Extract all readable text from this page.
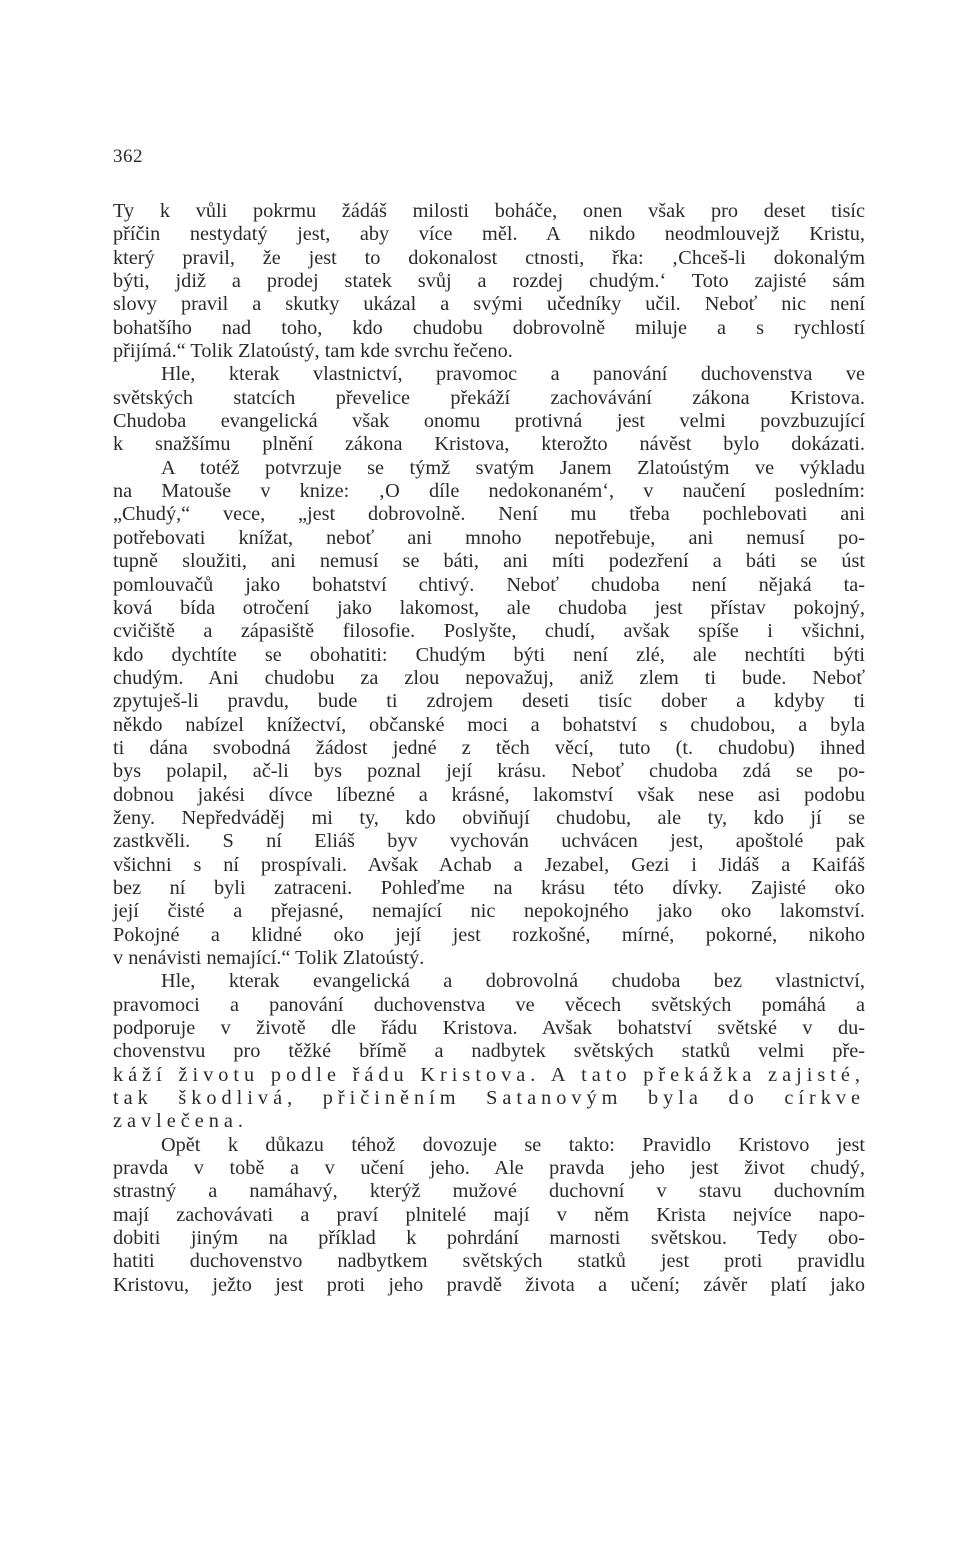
362
Ty k vůli pokrmu žádáš milosti boháče, onen však pro deset tisíc
příčin nestydatý jest, aby více měl. A nikdo neodmlouvejž Kristu,
který pravil, že jest to dokonalost ctnosti, řka: ‚Chceš-li dokonalým
býti, jdiž a prodej statek svůj a rozdej chudým.‘ Toto zajisté sám
slovy pravil a skutky ukázal a svými učedníky učil. Neboť nic není
bohatšího nad toho, kdo chudobu dobrovolně miluje a s rychlostí
přijímá.“ Tolik Zlatoústý, tam kde svrchu řečeno.
Hle, kterak vlastnictví, pravomoc a panování duchovenstva ve
světských statcích převelice překáží zachovávání zákona Kristova.
Chudoba evangelická však onomu protivná jest velmi povzbuzující
k snažšímu plnění zákona Kristova, kterožto návěst bylo dokázati.
A totéž potvrzuje se týmž svatým Janem Zlatoústým ve výkladu
na Matouše v knize: ‚O díle nedokonaném‘, v naučení posledním:
„Chudý,“ vece, „jest dobrovolně. Není mu třeba pochlebovati ani
potřebovati knížat, neboť ani mnoho nepotřebuje, ani nemusí po-
tupně sloužiti, ani nemusí se báti, ani míti podezření a báti se úst
pomlouvačů jako bohatství chtivý. Neboť chudoba není nějaká ta-
ková bída otročení jako lakomost, ale chudoba jest přístav pokojný,
cvičiště a zápasiště filosofie. Poslyšte, chudí, avšak spíše i všichni,
kdo dychtíte se obohatiti: Chudým býti není zlé, ale nechtíti býti
chudým. Ani chudobu za zlou nepovažuj, aniž zlem ti bude. Neboť
zpytuješ-li pravdu, bude ti zdrojem deseti tisíc dober a kdyby ti
někdo nabízel knížectví, občanské moci a bohatství s chudobou, a byla
ti dána svobodná žádost jedné z těch věcí, tuto (t. chudobu) ihned
bys polapil, ač-li bys poznal její krásu. Neboť chudoba zdá se po-
dobnou jakési dívce líbezné a krásné, lakomství však nese asi podobu
ženy. Nepředváděj mi ty, kdo obviňují chudobu, ale ty, kdo jí se
zastkvěli. S ní Eliáš byv vychován uchvácen jest, apoštolé pak
všichni s ní prospívali. Avšak Achab a Jezabel, Gezi i Jidáš a Kaifáš
bez ní byli zatraceni. Pohleďme na krásu této dívky. Zajisté oko
její čisté a přejasné, nemající nic nepokojného jako oko lakomství.
Pokojné a klidné oko její jest rozkošné, mírné, pokorné, nikoho
v nenávisti nemající.“ Tolik Zlatoústý.
Hle, kterak evangelická a dobrovolná chudoba bez vlastnictví,
pravomoci a panování duchovenstva ve věcech světských pomáhá a
podporuje v životě dle řádu Kristova. Avšak bohatství světské v du-
chovenstvu pro těžké břímě a nadbytek světských statků velmi pře-
káží životu podle řádu Kristova. A tato překážka zajisté,
tak škodlivá, přičiněním Satanovým byla do církve
zavlečena.
Opět k důkazu téhož dovozuje se takto: Pravidlo Kristovo jest
pravda v tobě a v učení jeho. Ale pravda jeho jest život chudý,
strastný a namáhavý, kterýž mužové duchovní v stavu duchovním
mají zachovávati a praví plnitelé mají v něm Krista nejvíce napo-
dobiti jiným na příklad k pohrdání marnosti světskou. Tedy obo-
hatiti duchovenstvo nadbytkem světských statků jest proti pravidlu
Kristovu, ježto jest proti jeho pravdě života a učení; závěr platí jako
